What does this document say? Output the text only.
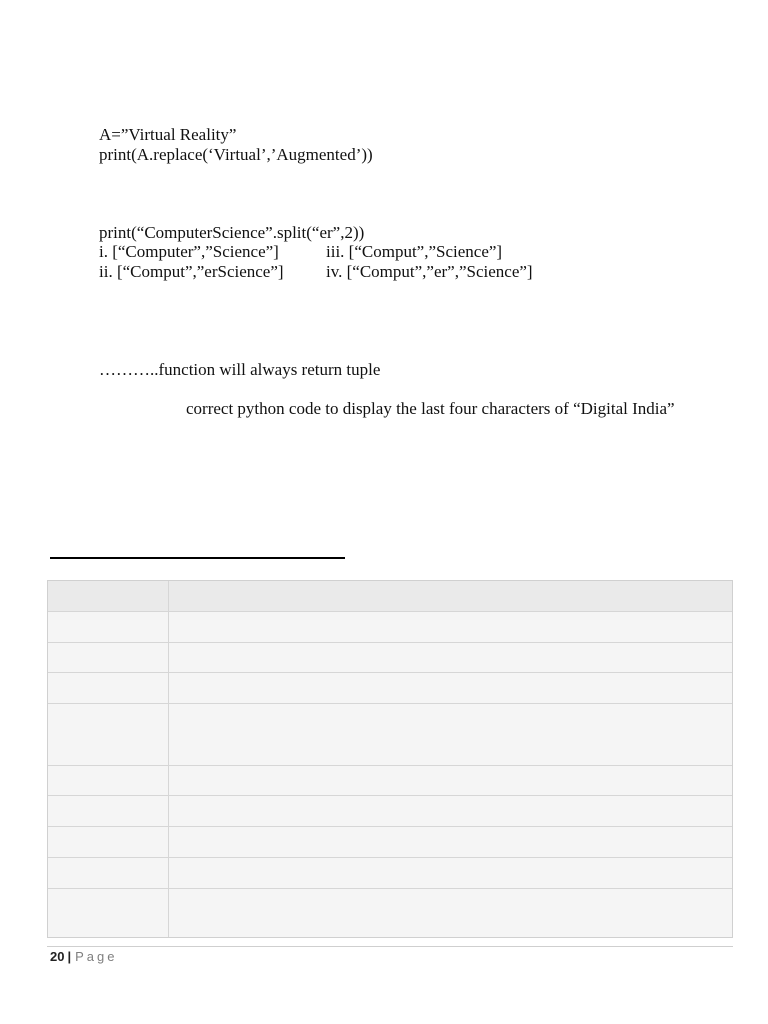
A=”Virtual Reality”
print(A.replace(‘Virtual’,’Augmented’))
print(“ComputerScience”.split(“er”,2))
i. [“Computer”,”Science”]	iii. [“Comput”,”Science”]
ii. [“Comput”,”erScience”] iv. [“Comput”,”er”,”Science”]
………..function will always return tuple
correct python code to display the last four characters of “Digital India”
20 | Page
